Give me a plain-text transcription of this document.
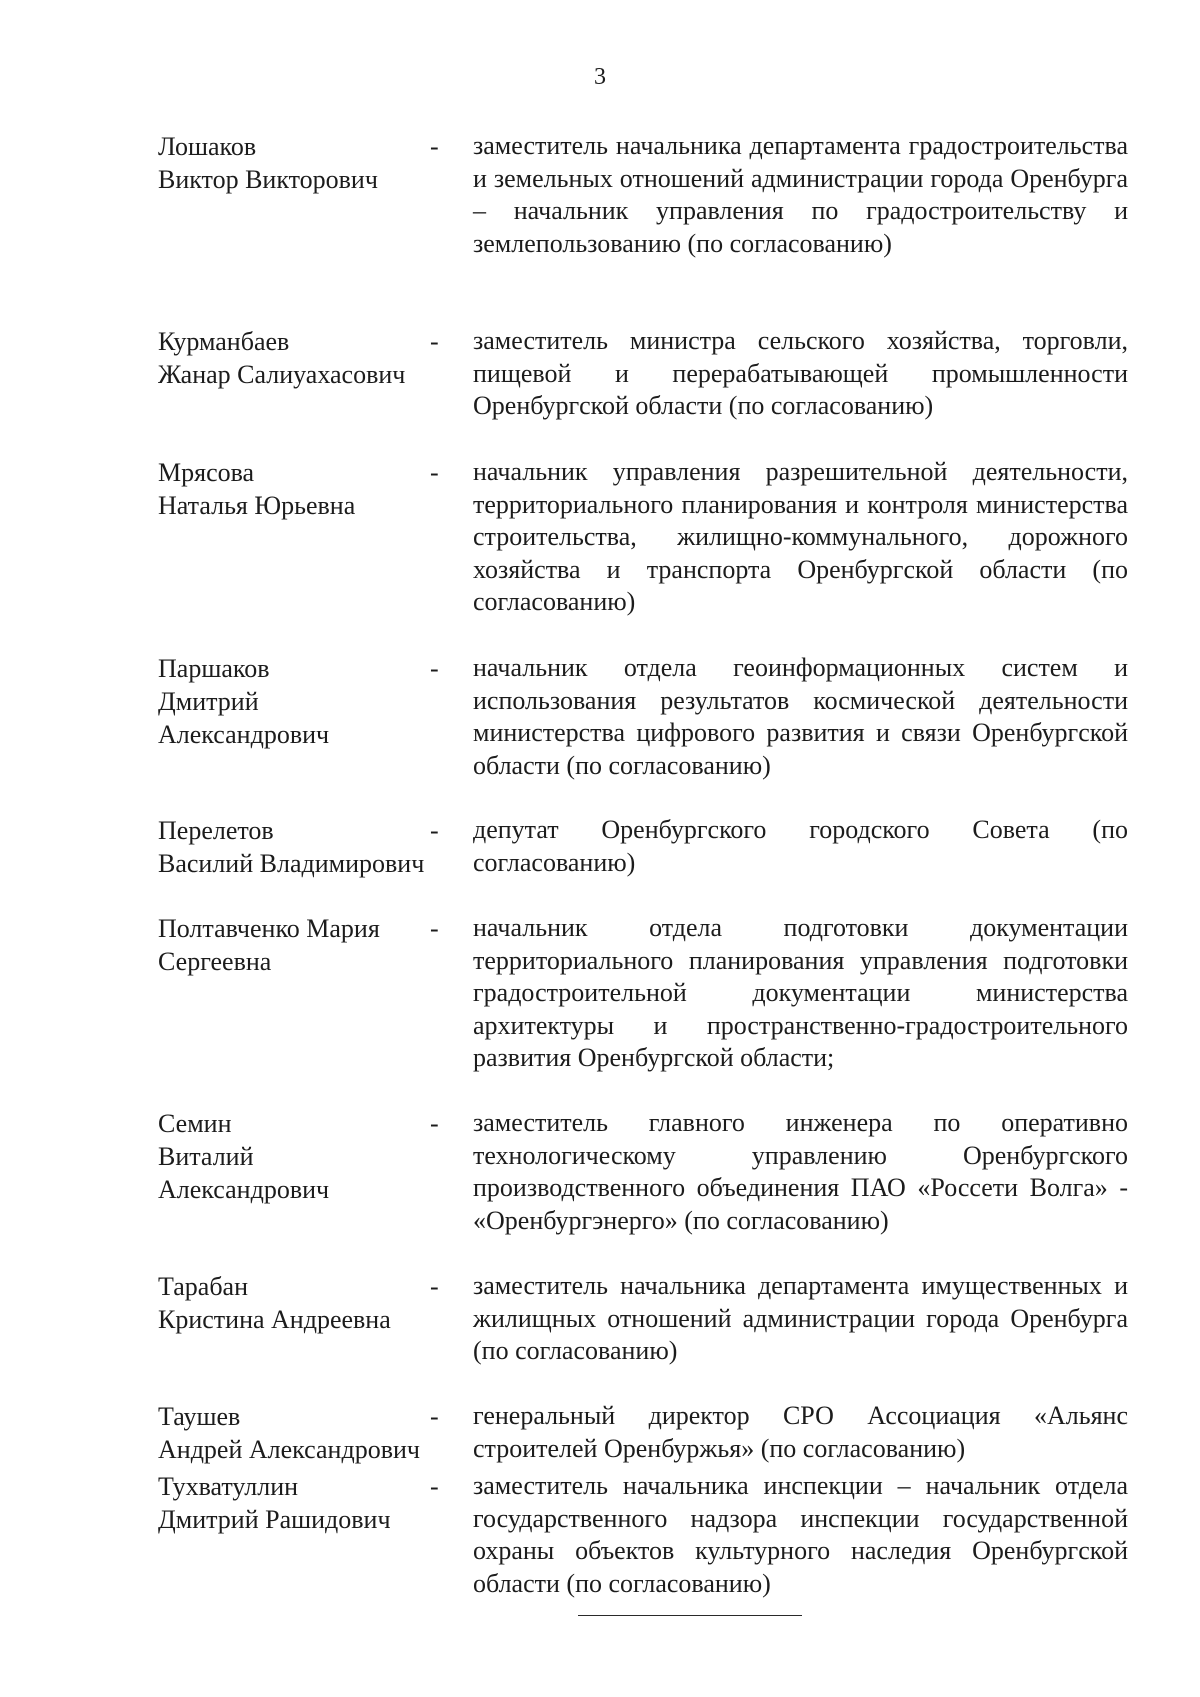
3
Лошаков
Виктор Викторович
- заместитель начальника департамента градостроительства и земельных отношений администрации города Оренбурга – начальник управления по градостроительству и землепользованию (по согласованию)
Курманбаев
Жанар Салиуахасович
- заместитель министра сельского хозяйства, торговли, пищевой и перерабатывающей промышленности Оренбургской области (по согласованию)
Мрясова
Наталья Юрьевна
- начальник управления разрешительной деятельности, территориального планирования и контроля министерства строительства, жилищно-коммунального, дорожного хозяйства и транспорта Оренбургской области (по согласованию)
Паршаков
Дмитрий
Александрович
- начальник отдела геоинформационных систем и использования результатов космической деятельности министерства цифрового развития и связи Оренбургской области (по согласованию)
Перелетов
Василий Владимирович
- депутат Оренбургского городского Совета (по согласованию)
Полтавченко Мария
Сергеевна
- начальник отдела подготовки документации территориального планирования управления подготовки градостроительной документации министерства архитектуры и пространственно-градостроительного развития Оренбургской области;
Семин
Виталий
Александрович
- заместитель главного инженера по оперативно технологическому управлению Оренбургского производственного объединения ПАО «Россети Волга» - «Оренбургэнерго» (по согласованию)
Тарабан
Кристина Андреевна
- заместитель начальника департамента имущественных и жилищных отношений администрации города Оренбурга (по согласованию)
Таушев
Андрей Александрович
- генеральный директор СРО Ассоциация «Альянс строителей Оренбуржья» (по согласованию)
Тухватуллин
Дмитрий Рашидович
- заместитель начальника инспекции – начальник отдела государственного надзора инспекции государственной охраны объектов культурного наследия Оренбургской области (по согласованию)
